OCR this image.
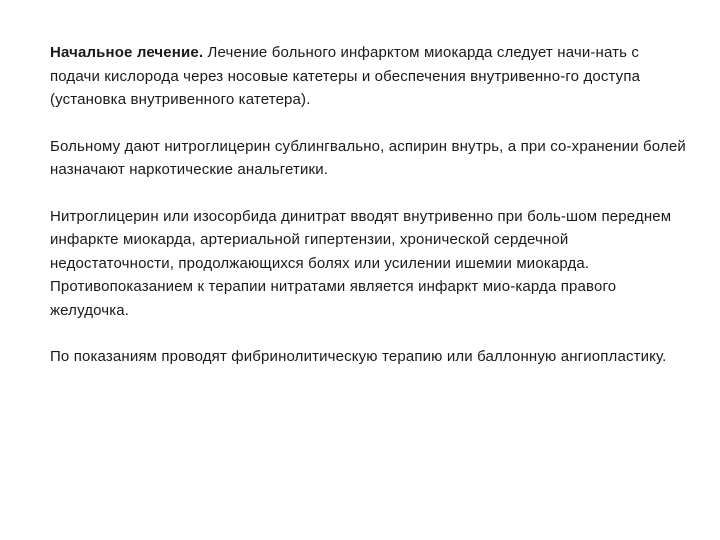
Начальное лечение. Лечение больного инфарктом миокарда следует начи-нать с подачи кислорода через носовые катетеры и обеспечения внутривенно-го доступа (установка внутривенного катетера).

Больному дают нитроглицерин сублингвально, аспирин внутрь, а при со-хранении болей назначают наркотические анальгетики.

Нитроглицерин или изосорбида динитрат вводят внутривенно при боль-шом переднем инфаркте миокарда, артериальной гипертензии, хронической сердечной недостаточности, продолжающихся болях или усилении ишемии миокарда. Противопоказанием к терапии нитратами является инфаркт мио-карда правого желудочка.

По показаниям проводят фибринолитическую терапию или баллонную ангиопластику.
